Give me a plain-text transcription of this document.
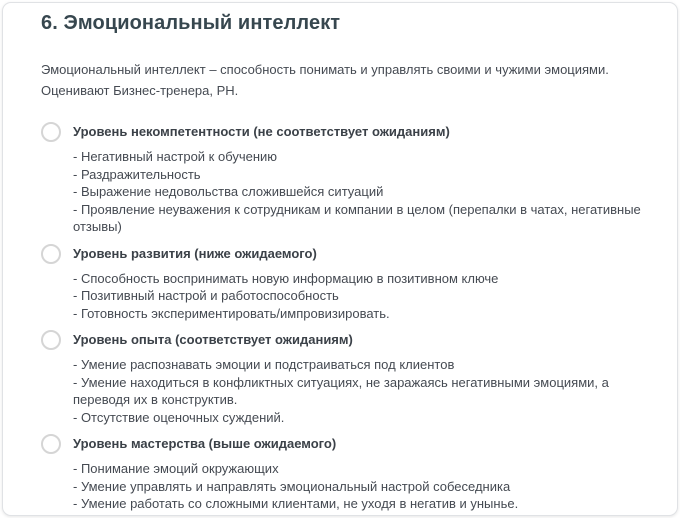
6. Эмоциональный интеллект
Эмоциональный интеллект – способность понимать и управлять своими и чужими эмоциями. Оценивают Бизнес-тренера, РН.
Уровень некомпетентности (не соответствует ожиданиям)
- Негативный настрой к обучению
- Раздражительность
- Выражение недовольства сложившейся ситуаций
- Проявление неуважения к сотрудникам и компании в целом (перепалки в чатах, негативные отзывы)
Уровень развития (ниже ожидаемого)
- Способность воспринимать новую информацию в позитивном ключе
- Позитивный настрой и работоспособность
- Готовность экспериментировать/импровизировать.
Уровень опыта (соответствует ожиданиям)
- Умение распознавать эмоции и подстраиваться под клиентов
- Умение находиться в конфликтных ситуациях, не заражаясь негативными эмоциями, а переводя их в конструктив.
- Отсутствие оценочных суждений.
Уровень мастерства (выше ожидаемого)
- Понимание эмоций окружающих
- Умение управлять и направлять эмоциональный настрой собеседника
- Умение работать со сложными клиентами, не уходя в негатив и унынье.
